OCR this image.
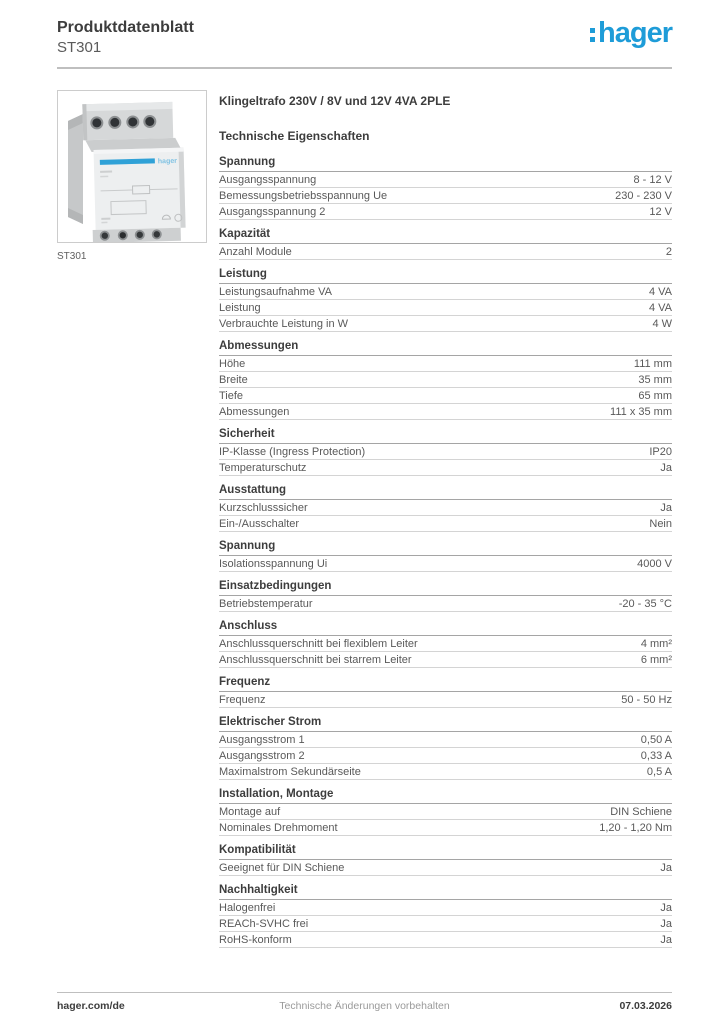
Produktdatenblatt
ST301	hager
hager
ST301
Klingeltrafo 230V / 8V und 12V 4VA 2PLE
Technische Eigenschaften
Spannung
Ausgangsspannung	8 - 12 V
Bemessungsbetriebsspannung Ue	230 - 230 V
Ausgangsspannung 2	12 V
Kapazität
Anzahl Module	2
Leistung
Leistungsaufnahme VA	4 VA
Leistung	4 VA
Verbrauchte Leistung in W	4 W
Abmessungen
Höhe	111 mm
Breite	35 mm
Tiefe	65 mm
Abmessungen	111 x 35 mm
Sicherheit
IP-Klasse (Ingress Protection)	IP20
Temperaturschutz	Ja
Ausstattung
Kurzschlusssicher	Ja
Ein-/Ausschalter	Nein
Spannung
Isolationsspannung Ui	4000 V
Einsatzbedingungen
Betriebstemperatur	-20 - 35 °C
Anschluss
Anschlussquerschnitt bei flexiblem Leiter	4 mm²
Anschlussquerschnitt bei starrem Leiter	6 mm²
Frequenz
Frequenz	50 - 50 Hz
Elektrischer Strom
Ausgangsstrom 1	0,50 A
Ausgangsstrom 2	0,33 A
Maximalstrom Sekundärseite	0,5 A
Installation, Montage
Montage auf	DIN Schiene
Nominales Drehmoment	1,20 - 1,20 Nm
Kompatibilität
Geeignet für DIN Schiene	Ja
Nachhaltigkeit
Halogenfrei	Ja
REACh-SVHC frei	Ja
RoHS-konform	Ja
hager.com/de	Technische Änderungen vorbehalten	07.03.2026
